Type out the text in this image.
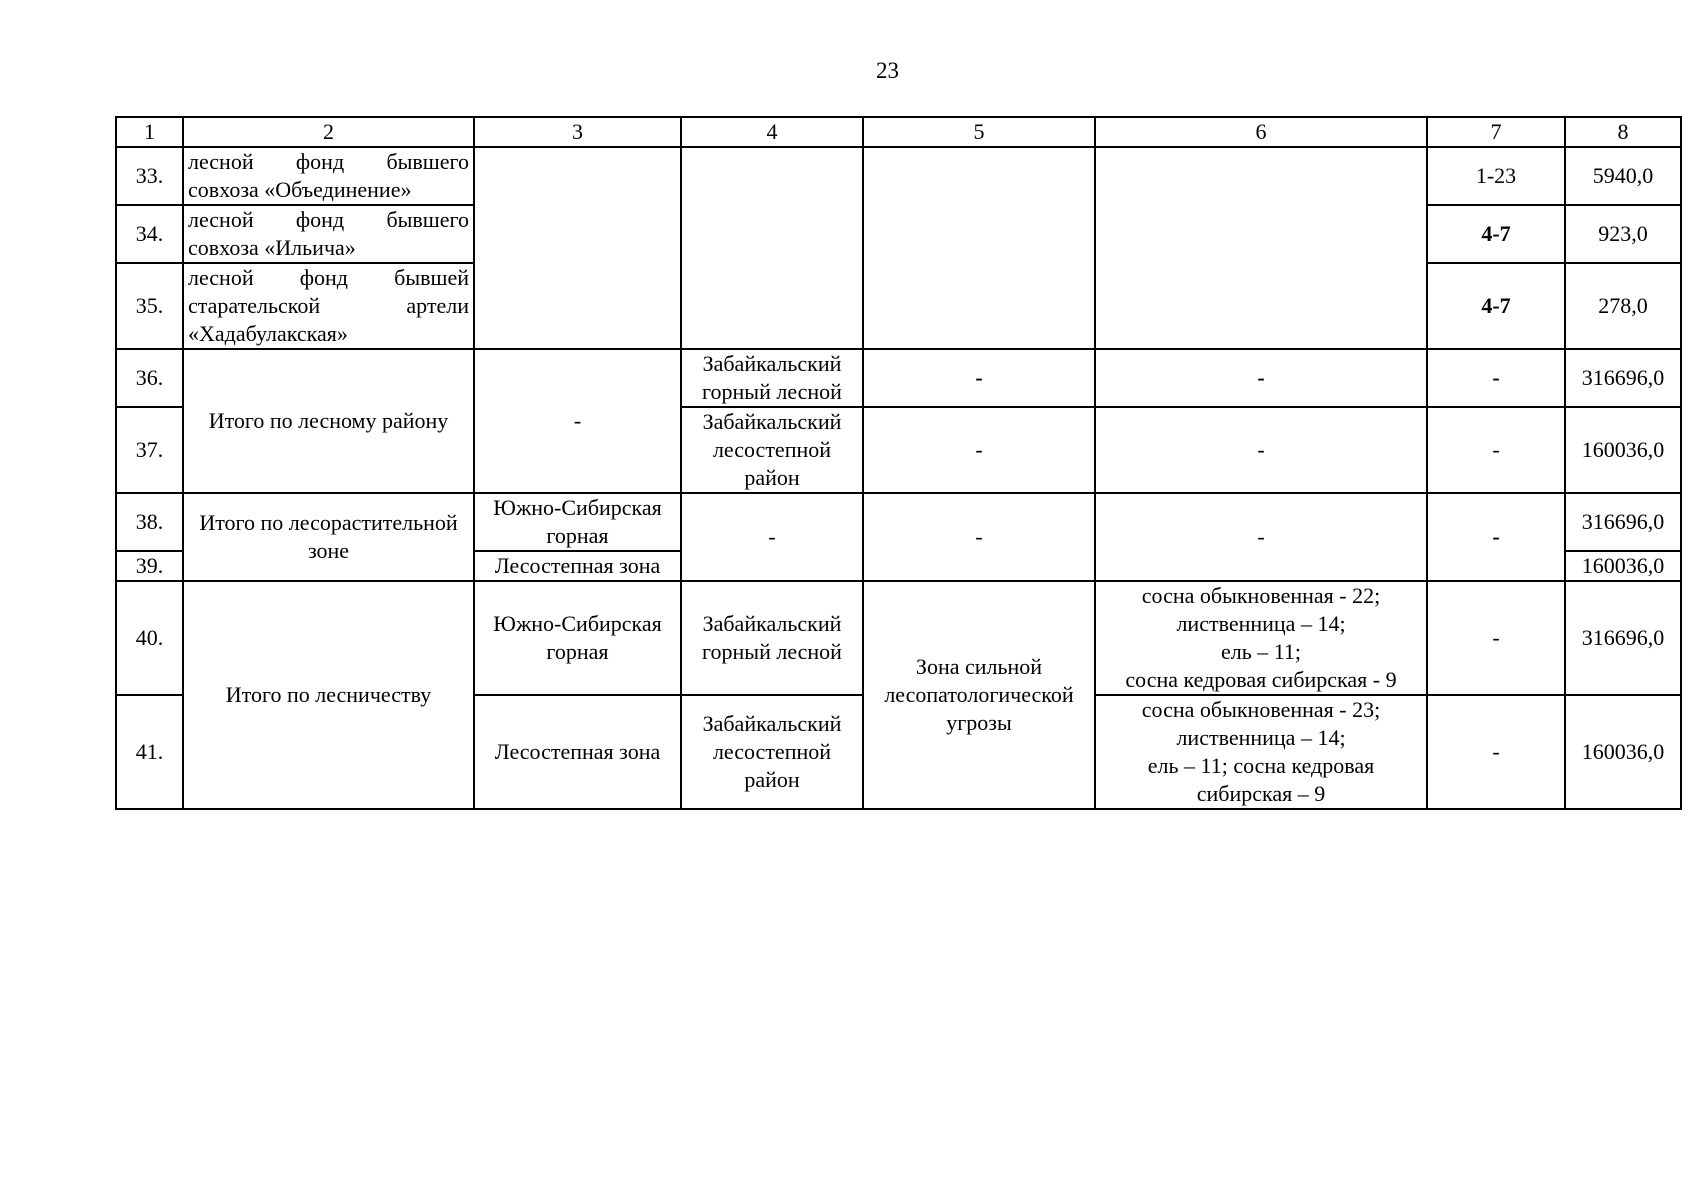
23
1	2	3	4	5	6	7	8
33.	лесной фонд бывшего
совхоза «Объединение»					1-23	5940,0
34.	лесной фонд бывшего
совхоза «Ильича»					4-7	923,0
35.	лесной фонд бывшей
старательской артели
«Хадабулакская»					4-7	278,0
36.	Итого по лесному району	-	Забайкальский горный лесной	-	-	-	316696,0
37.			Забайкальский лесостепной район	-	-	-	160036,0
38.	Итого по лесорастительной зоне	Южно-Сибирская горная	-	-	-	-	316696,0
39.		Лесостепная зона					160036,0
40.	Итого по лесничеству	Южно-Сибирская горная	Забайкальский горный лесной	Зона сильной лесопатологической угрозы	сосна обыкновенная - 22;
лиственница – 14;
ель – 11;
сосна кедровая сибирская - 9	-	316696,0
41.		Лесостепная зона	Забайкальский лесостепной район		сосна обыкновенная - 23;
лиственница – 14;
ель – 11; сосна кедровая
сибирская – 9	-	160036,0
